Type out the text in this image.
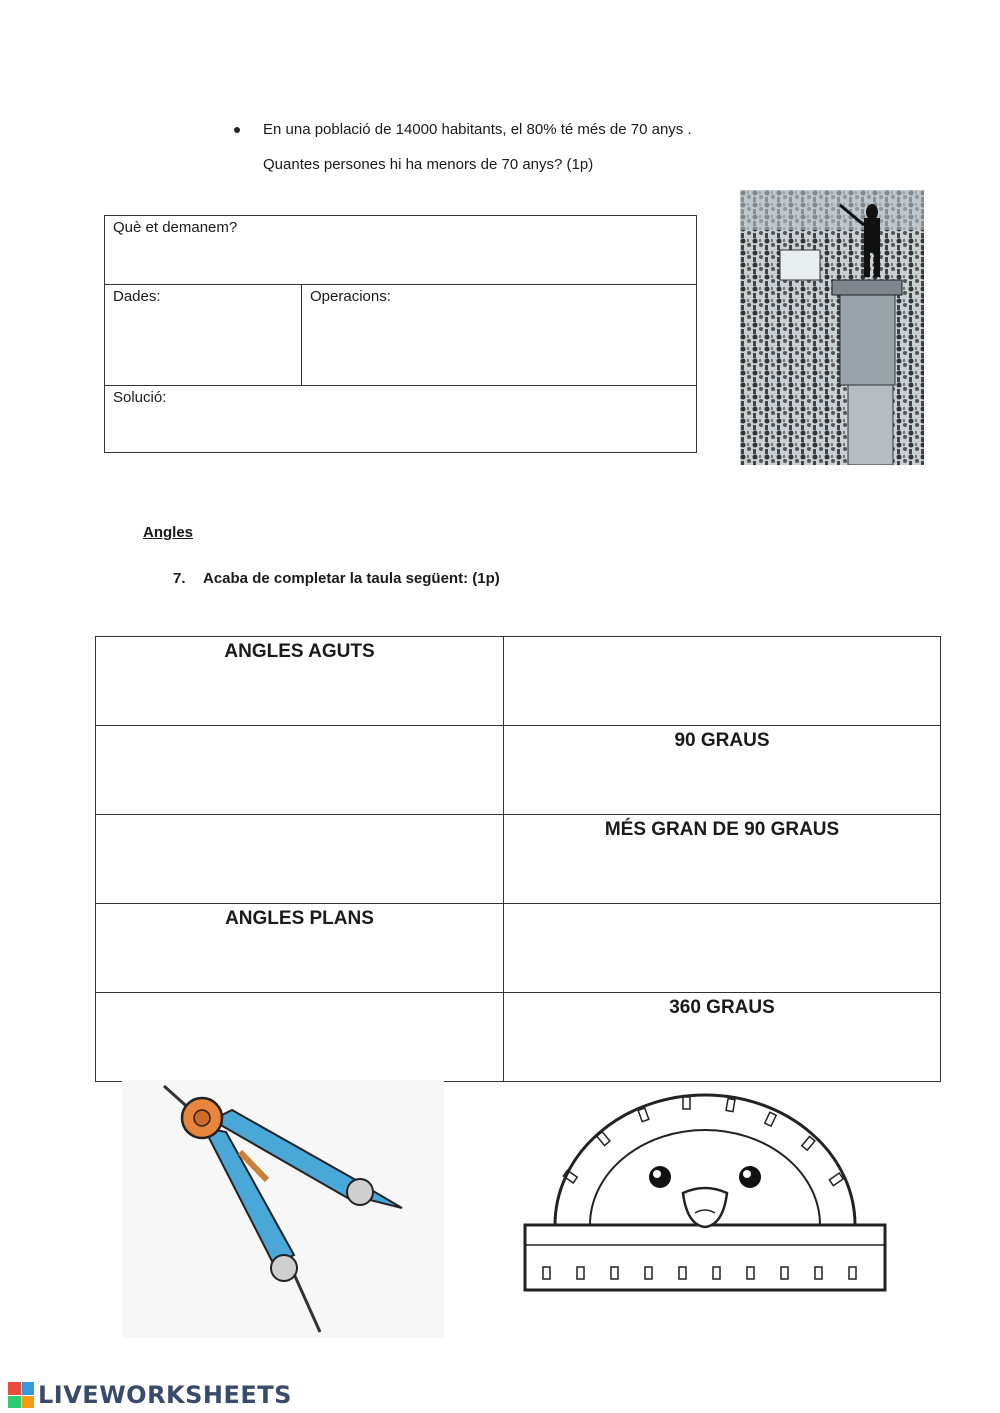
En una població de 14000 habitants, el 80% té més de 70 anys .
Quantes persones hi ha menors de 70 anys? (1p)
Què et demanem?
Dades:	Operacions:
Solució:
Angles
7. Acaba de completar la taula següent: (1p)
ANGLES AGUTS	
	90 GRAUS
	MÉS GRAN DE 90 GRAUS
ANGLES PLANS	
	360 GRAUS
LIVEWORKSHEETS
